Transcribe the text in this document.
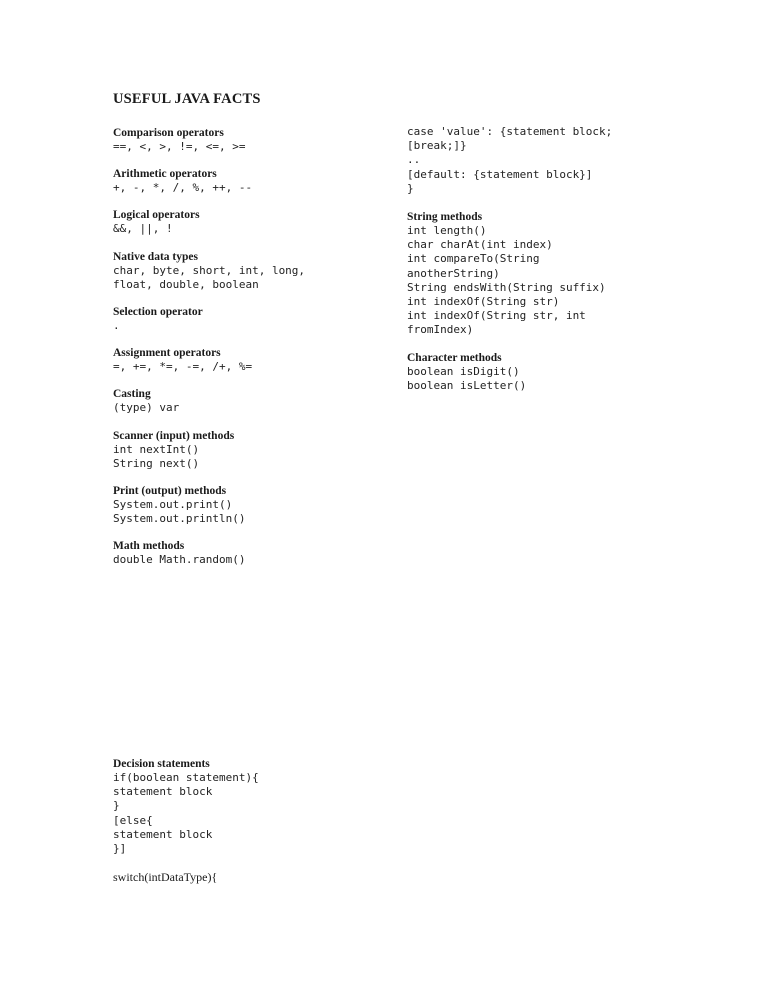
USEFUL JAVA FACTS
Comparison operators
==, <, >, !=, <=, >=
Arithmetic operators
+, -, *, /, %, ++, --
Logical operators
&&, ||, !
Native data types
char, byte, short, int, long,
float, double, boolean
Selection operator
.
Assignment operators
=, +=, *=, -=, /+, %=
Casting
(type) var
Scanner (input) methods
int nextInt()
String next()
Print (output) methods
System.out.print()
System.out.println()
Math methods
double Math.random()
Decision statements
if(boolean statement){
statement block
}
[else{
statement block
}]
switch(intDataType){
case 'value': {statement block;
[break;]}
..
[default: {statement block}]
}
String methods
int length()
char charAt(int index)
int compareTo(String
anotherString)
String endsWith(String suffix)
int indexOf(String str)
int indexOf(String str, int
fromIndex)
Character methods
boolean isDigit()
boolean isLetter()
